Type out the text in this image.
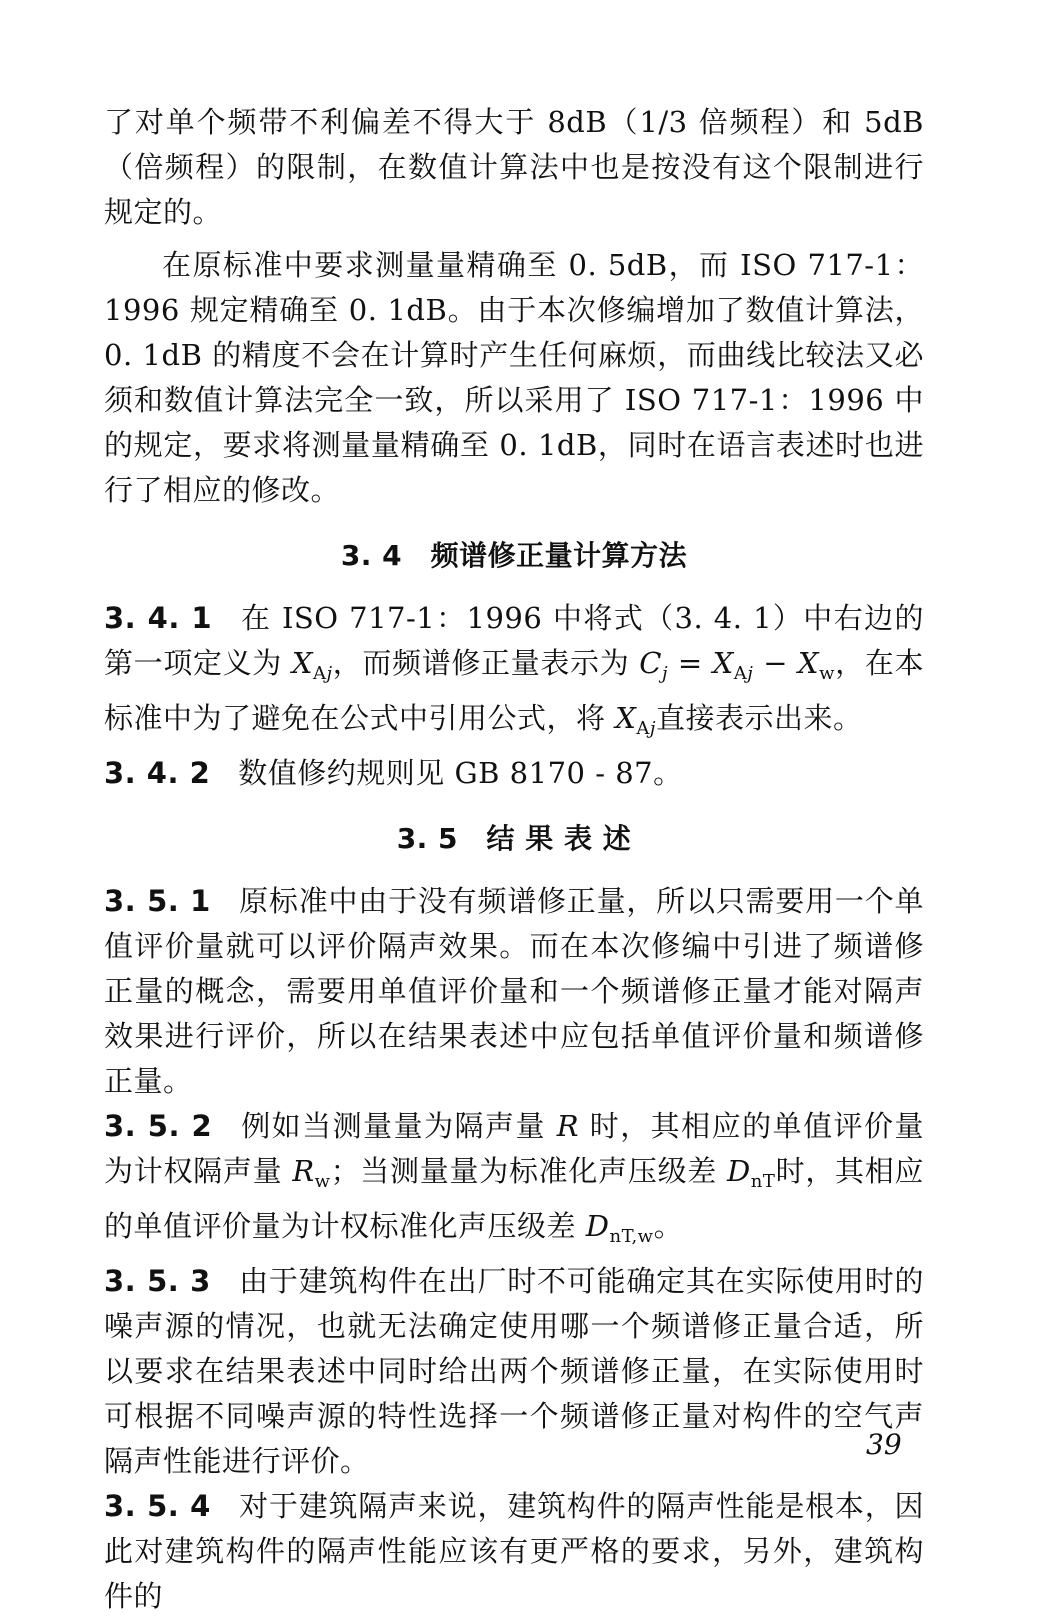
了对单个频带不利偏差不得大于 8dB（1/3 倍频程）和 5dB（倍频程）的限制，在数值计算法中也是按没有这个限制进行规定的。

在原标准中要求测量量精确至 0. 5dB，而 ISO 717-1：1996 规定精确至 0. 1dB。由于本次修编增加了数值计算法，0. 1dB 的精度不会在计算时产生任何麻烦，而曲线比较法又必须和数值计算法完全一致，所以采用了 ISO 717-1：1996 中的规定，要求将测量量精确至 0. 1dB，同时在语言表述时也进行了相应的修改。

3. 4　频谱修正量计算方法

3. 4. 1 在 ISO 717-1：1996 中将式（3. 4. 1）中右边的第一项定义为 $X_{Aj}$，而频谱修正量表示为 $C_j = X_{Aj} - X_w$，在本标准中为了避免在公式中引用公式，将 $X_{Aj}$直接表示出来。

3. 4. 2 数值修约规则见 GB 8170 - 87。

3. 5　结 果 表 述

3. 5. 1 原标准中由于没有频谱修正量，所以只需要用一个单值评价量就可以评价隔声效果。而在本次修编中引进了频谱修正量的概念，需要用单值评价量和一个频谱修正量才能对隔声效果进行评价，所以在结果表述中应包括单值评价量和频谱修正量。

3. 5. 2 例如当测量量为隔声量 R 时，其相应的单值评价量为计权隔声量 $R_w$；当测量量为标准化声压级差 $D_{nT}$时，其相应的单值评价量为计权标准化声压级差 $D_{nT,w}$。

3. 5. 3 由于建筑构件在出厂时不可能确定其在实际使用时的噪声源的情况，也就无法确定使用哪一个频谱修正量合适，所以要求在结果表述中同时给出两个频谱修正量，在实际使用时可根据不同噪声源的特性选择一个频谱修正量对构件的空气声隔声性能进行评价。

3. 5. 4 对于建筑隔声来说，建筑构件的隔声性能是根本，因此对建筑构件的隔声性能应该有更严格的要求，另外，建筑构件的

39
